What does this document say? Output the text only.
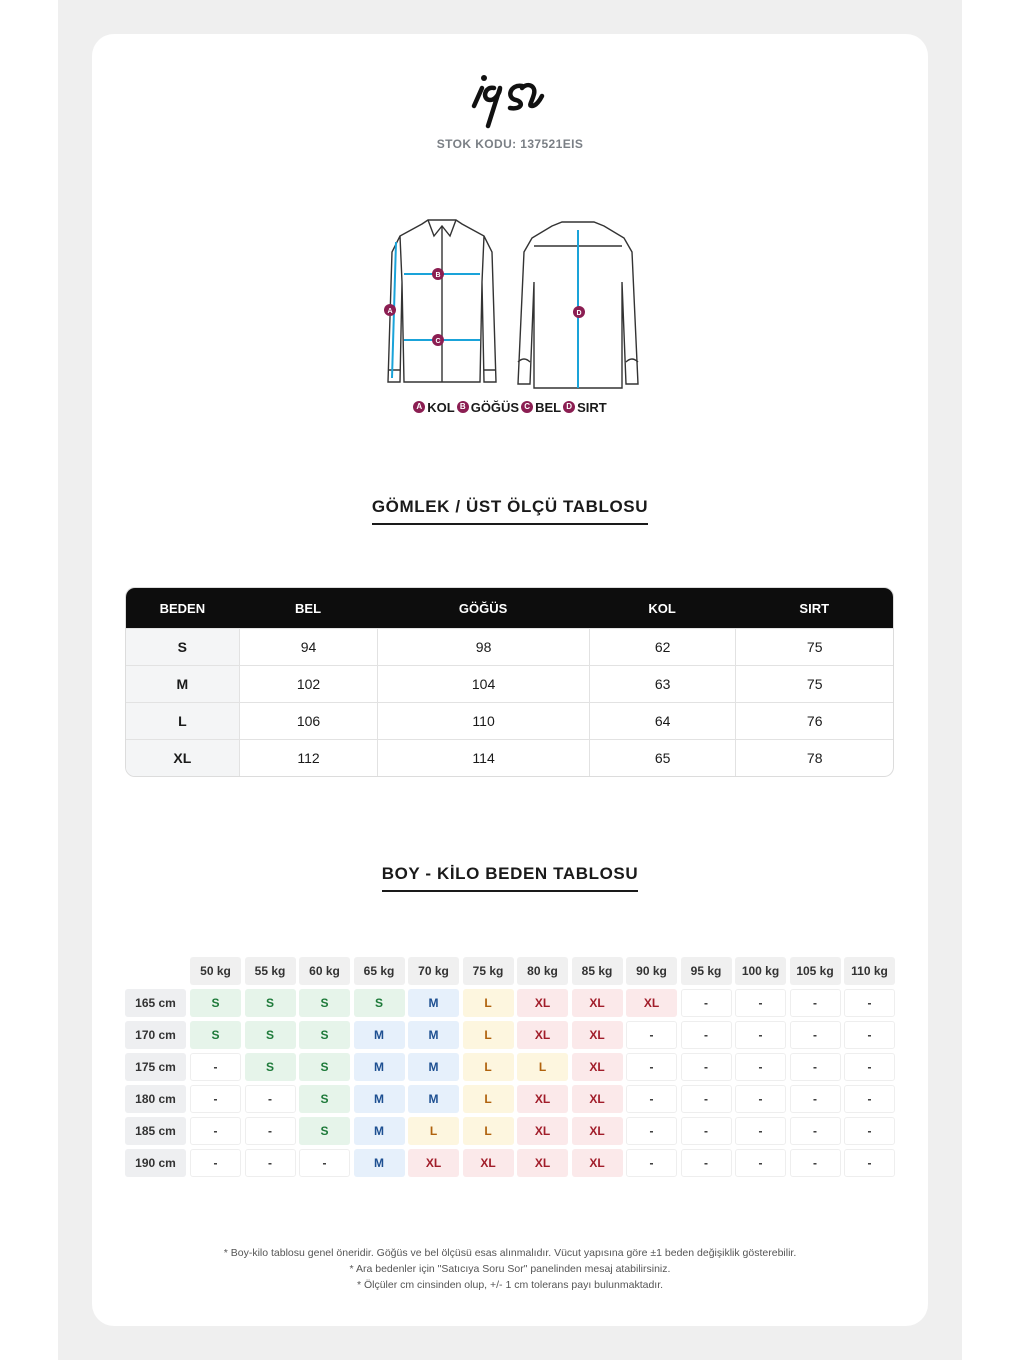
STOK KODU: 137521EIS
B
A
C
D
A KOL B GÖĞÜS C BEL D SIRT
GÖMLEK / ÜST ÖLÇÜ TABLOSU
BEDEN	BEL	GÖĞÜS	KOL	SIRT
S	94	98	62	75
M	102	104	63	75
L	106	110	64	76
XL	112	114	65	78
BOY - KİLO BEDEN TABLOSU
50 kg	55 kg	60 kg	65 kg	70 kg	75 kg	80 kg	85 kg	90 kg	95 kg	100 kg	105 kg	110 kg
165 cm	S	S	S	S	M	L	XL	XL	XL	-	-	-	-
170 cm	S	S	S	M	M	L	XL	XL	-	-	-	-	-
175 cm	-	S	S	M	M	L	L	XL	-	-	-	-	-
180 cm	-	-	S	M	M	L	XL	XL	-	-	-	-	-
185 cm	-	-	S	M	L	L	XL	XL	-	-	-	-	-
190 cm	-	-	-	M	XL	XL	XL	XL	-	-	-	-	-
* Boy-kilo tablosu genel öneridir. Göğüs ve bel ölçüsü esas alınmalıdır. Vücut yapısına göre ±1 beden değişiklik gösterebilir.
* Ara bedenler için "Satıcıya Soru Sor" panelinden mesaj atabilirsiniz.
* Ölçüler cm cinsinden olup, +/- 1 cm tolerans payı bulunmaktadır.
